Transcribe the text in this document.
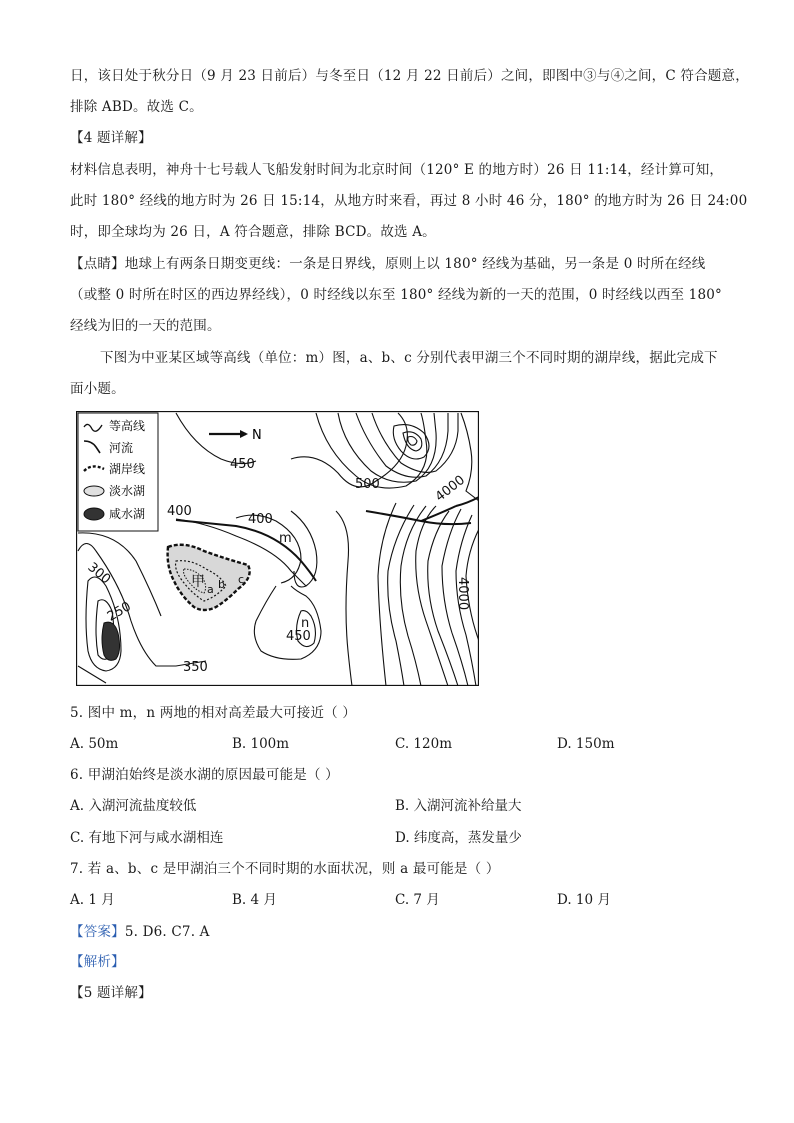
日，该日处于秋分日（9 月 23 日前后）与冬至日（12 月 22 日前后）之间，即图中③与④之间，C 符合题意，
排除 ABD。故选 C。
【4 题详解】
材料信息表明，神舟十七号载人飞船发射时间为北京时间（120° E 的地方时）26 日 11:14，经计算可知，
此时 180° 经线的地方时为 26 日 15:14，从地方时来看，再过 8 小时 46 分，180° 的地方时为 26 日 24:00
时，即全球均为 26 日，A 符合题意，排除 BCD。故选 A。
【点睛】地球上有两条日期变更线：一条是日界线，原则上以 180° 经线为基础，另一条是 0 时所在经线
（或整 0 时所在时区的西边界经线），0 时经线以东至 180° 经线为新的一天的范围，0 时经线以西至 180°
经线为旧的一天的范围。
下图为中亚某区域等高线（单位：m）图，a、b、c 分别代表甲湖三个不同时期的湖岸线，据此完成下
面小题。
等高线
河流
湖岸线
淡水湖
咸水湖
N
450
500	4000
400
400
m
300
250
350
450
n
4000
甲 a b c
5. 图中 m，n 两地的相对高差最大可接近（ ）
A. 50m	B. 100m	C. 120m	D. 150m
6. 甲湖泊始终是淡水湖的原因最可能是（ ）
A. 入湖河流盐度较低	B. 入湖河流补给量大
C. 有地下河与咸水湖相连	D. 纬度高，蒸发量少
7. 若 a、b、c 是甲湖泊三个不同时期的水面状况，则 a 最可能是（ ）
A. 1 月	B. 4 月	C. 7 月	D. 10 月
【答案】5. D6. C7. A
【解析】
【5 题详解】
